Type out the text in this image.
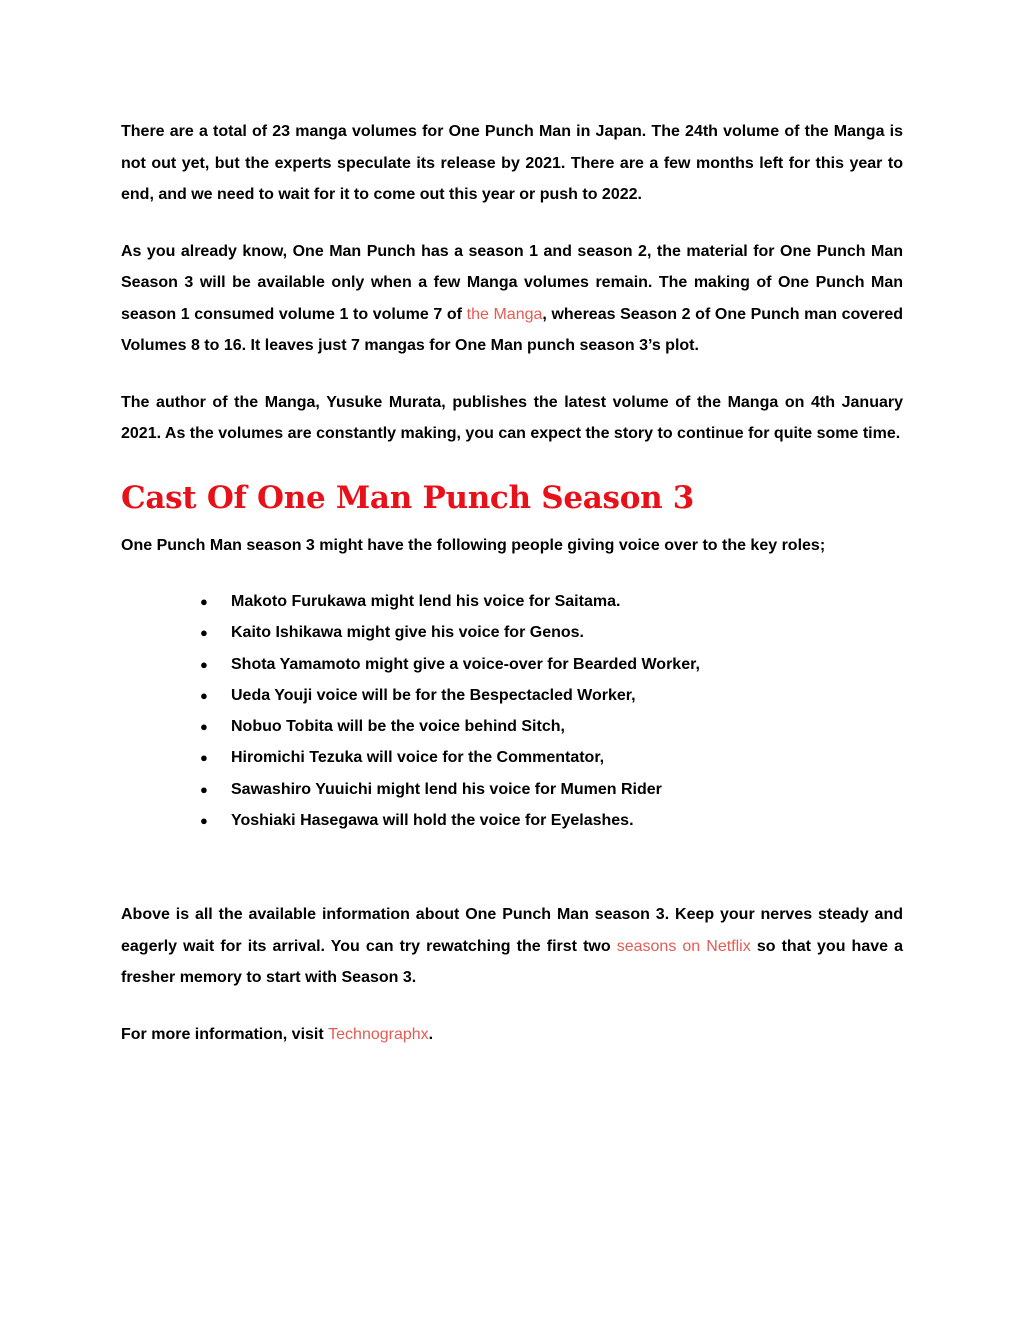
There are a total of 23 manga volumes for One Punch Man in Japan. The 24th volume of the Manga is not out yet, but the experts speculate its release by 2021. There are a few months left for this year to end, and we need to wait for it to come out this year or push to 2022.

As you already know, One Man Punch has a season 1 and season 2, the material for One Punch Man Season 3 will be available only when a few Manga volumes remain. The making of One Punch Man season 1 consumed volume 1 to volume 7 of the Manga, whereas Season 2 of One Punch man covered Volumes 8 to 16. It leaves just 7 mangas for One Man punch season 3’s plot.

The author of the Manga, Yusuke Murata, publishes the latest volume of the Manga on 4th January 2021. As the volumes are constantly making, you can expect the story to continue for quite some time.

Cast Of One Man Punch Season 3

One Punch Man season 3 might have the following people giving voice over to the key roles;

● Makoto Furukawa might lend his voice for Saitama.
● Kaito Ishikawa might give his voice for Genos.
● Shota Yamamoto might give a voice-over for Bearded Worker,
● Ueda Youji voice will be for the Bespectacled Worker,
● Nobuo Tobita will be the voice behind Sitch,
● Hiromichi Tezuka will voice for the Commentator,
● Sawashiro Yuuichi might lend his voice for Mumen Rider
● Yoshiaki Hasegawa will hold the voice for Eyelashes.

Above is all the available information about One Punch Man season 3. Keep your nerves steady and eagerly wait for its arrival. You can try rewatching the first two seasons on Netflix so that you have a fresher memory to start with Season 3.

For more information, visit Technographx.
